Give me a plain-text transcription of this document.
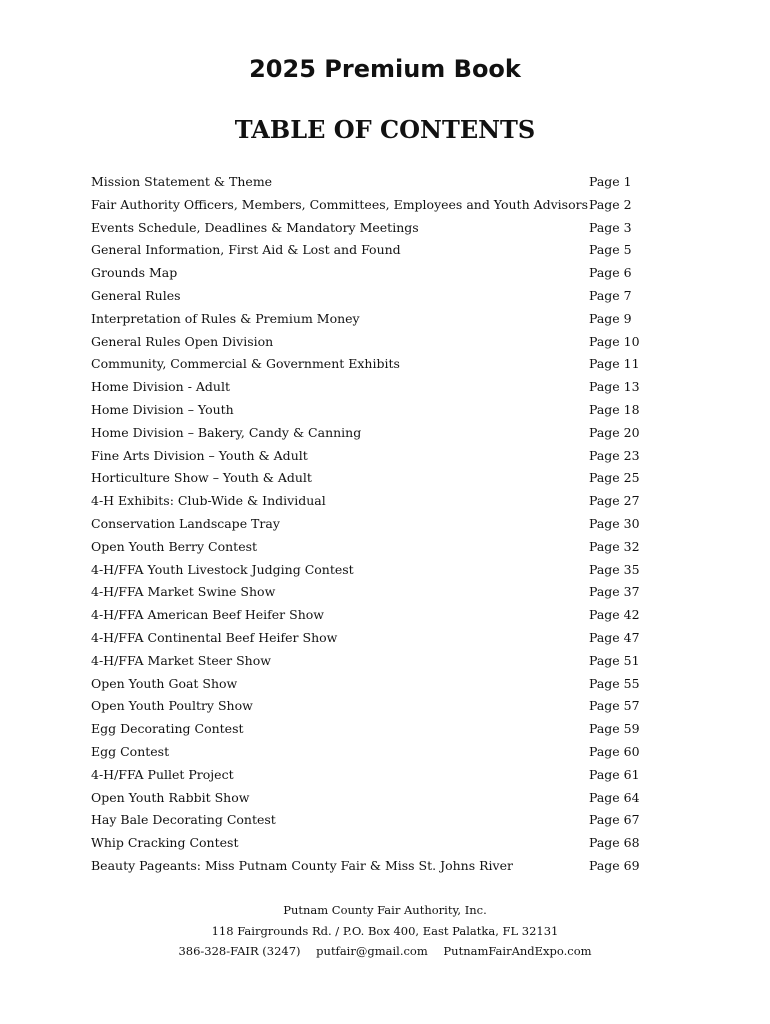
2025 Premium Book
TABLE OF CONTENTS
Mission Statement & Theme	Page 1
Fair Authority Officers, Members, Committees, Employees and Youth Advisors Page 2
Events Schedule, Deadlines & Mandatory Meetings	Page 3
General Information, First Aid & Lost and Found	Page 5
Grounds Map	Page 6
General Rules	Page 7
Interpretation of Rules & Premium Money	Page 9
General Rules Open Division	Page 10
Community, Commercial & Government Exhibits	Page 11
Home Division - Adult	Page 13
Home Division – Youth	Page 18
Home Division – Bakery, Candy & Canning	Page 20
Fine Arts Division – Youth & Adult	Page 23
Horticulture Show – Youth & Adult	Page 25
4-H Exhibits: Club-Wide & Individual	Page 27
Conservation Landscape Tray	Page 30
Open Youth Berry Contest	Page 32
4-H/FFA Youth Livestock Judging Contest	Page 35
4-H/FFA Market Swine Show	Page 37
4-H/FFA American Beef Heifer Show	Page 42
4-H/FFA Continental Beef Heifer Show	Page 47
4-H/FFA Market Steer Show	Page 51
Open Youth Goat Show	Page 55
Open Youth Poultry Show	Page 57
Egg Decorating Contest	Page 59
Egg Contest	Page 60
4-H/FFA Pullet Project	Page 61
Open Youth Rabbit Show	Page 64
Hay Bale Decorating Contest	Page 67
Whip Cracking Contest	Page 68
Beauty Pageants: Miss Putnam County Fair & Miss St. Johns River	Page 69
Putnam County Fair Authority, Inc.
118 Fairgrounds Rd. / P.O. Box 400, East Palatka, FL 32131
386-328-FAIR (3247) putfair@gmail.com PutnamFairAndExpo.com
